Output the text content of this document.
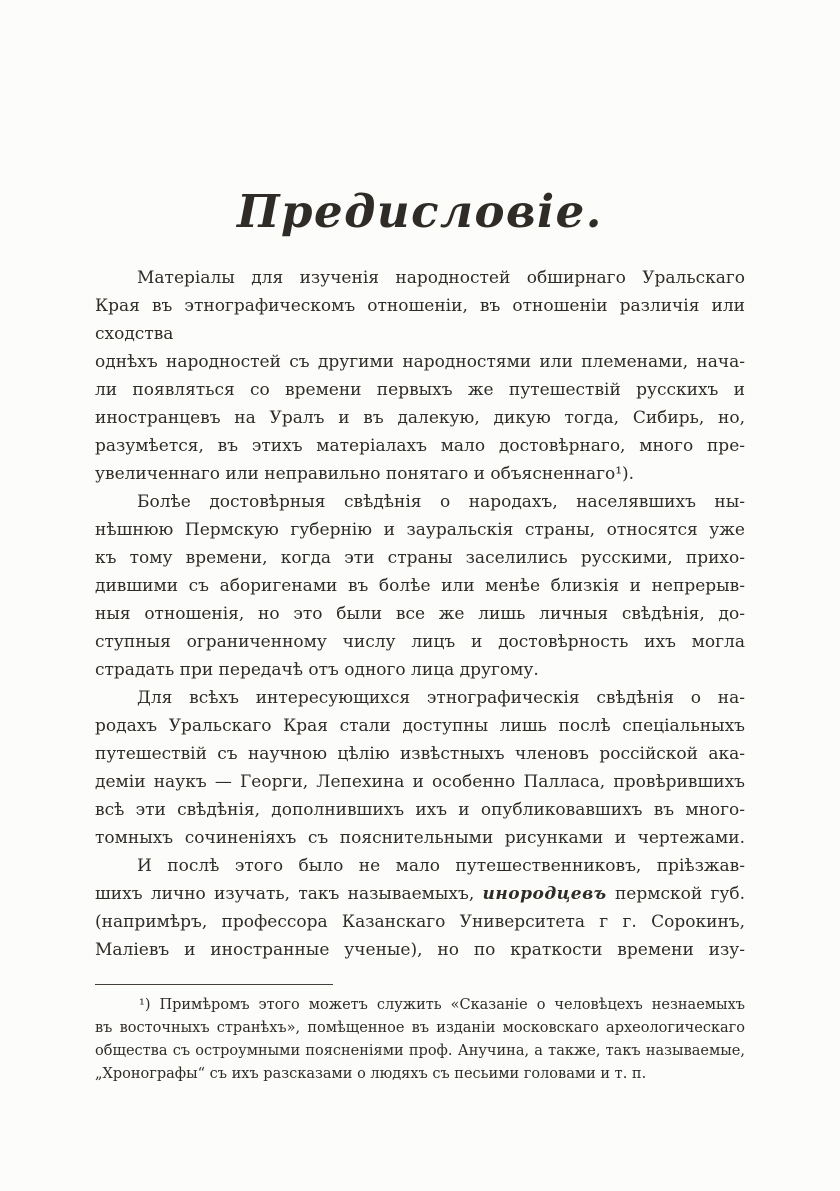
Предисловіе.

Матеріалы для изученія народностей обширнаго Уральскаго
Края въ этнографическомъ отношеніи, въ отношеніи различія или сходства
однѣхъ народностей съ другими народностями или племенами, нача-
ли появляться со времени первыхъ же путешествій русскихъ и
иностранцевъ на Уралъ и въ далекую, дикую тогда, Сибирь, но,
разумѣется, въ этихъ матеріалахъ мало достовѣрнаго, много пре-
увеличеннаго или неправильно понятаго и объясненнаго¹).

Болѣе достовѣрныя свѣдѣнія о народахъ, населявшихъ ны-
нѣшнюю Пермскую губернію и зауральскія страны, относятся уже
къ тому времени, когда эти страны заселились русскими, прихо-
дившими съ аборигенами въ болѣе или менѣе близкія и непрерыв-
ныя отношенія, но это были все же лишь личныя свѣдѣнія, до-
ступныя ограниченному числу лицъ и достовѣрность ихъ могла
страдать при передачѣ отъ одного лица другому.

Для всѣхъ интересующихся этнографическія свѣдѣнія о на-
родахъ Уральскаго Края стали доступны лишь послѣ спеціальныхъ
путешествій съ научною цѣлію извѣстныхъ членовъ россійской ака-
деміи наукъ — Георги, Лепехина и особенно Палласа, провѣрившихъ
всѣ эти свѣдѣнія, дополнившихъ ихъ и опубликовавшихъ въ много-
томныхъ сочиненіяхъ съ пояснительными рисунками и чертежами.

И послѣ этого было не мало путешественниковъ, пріѣзжав-
шихъ лично изучать, такъ называемыхъ, инородцевъ пермской губ.
(напримѣръ, профессора Казанскаго Университета г г. Сорокинъ,
Маліевъ и иностранные ученые), но по краткости времени изу-

¹) Примѣромъ этого можетъ служить «Сказаніе о человѣцехъ незнаемыхъ
въ восточныхъ странѣхъ», помѣщенное въ изданіи московскаго археологическаго
общества съ остроумными поясненіями проф. Анучина, а также, такъ называемые,
„Хронографы“ съ ихъ разсказами о людяхъ съ песьими головами и т. п.
